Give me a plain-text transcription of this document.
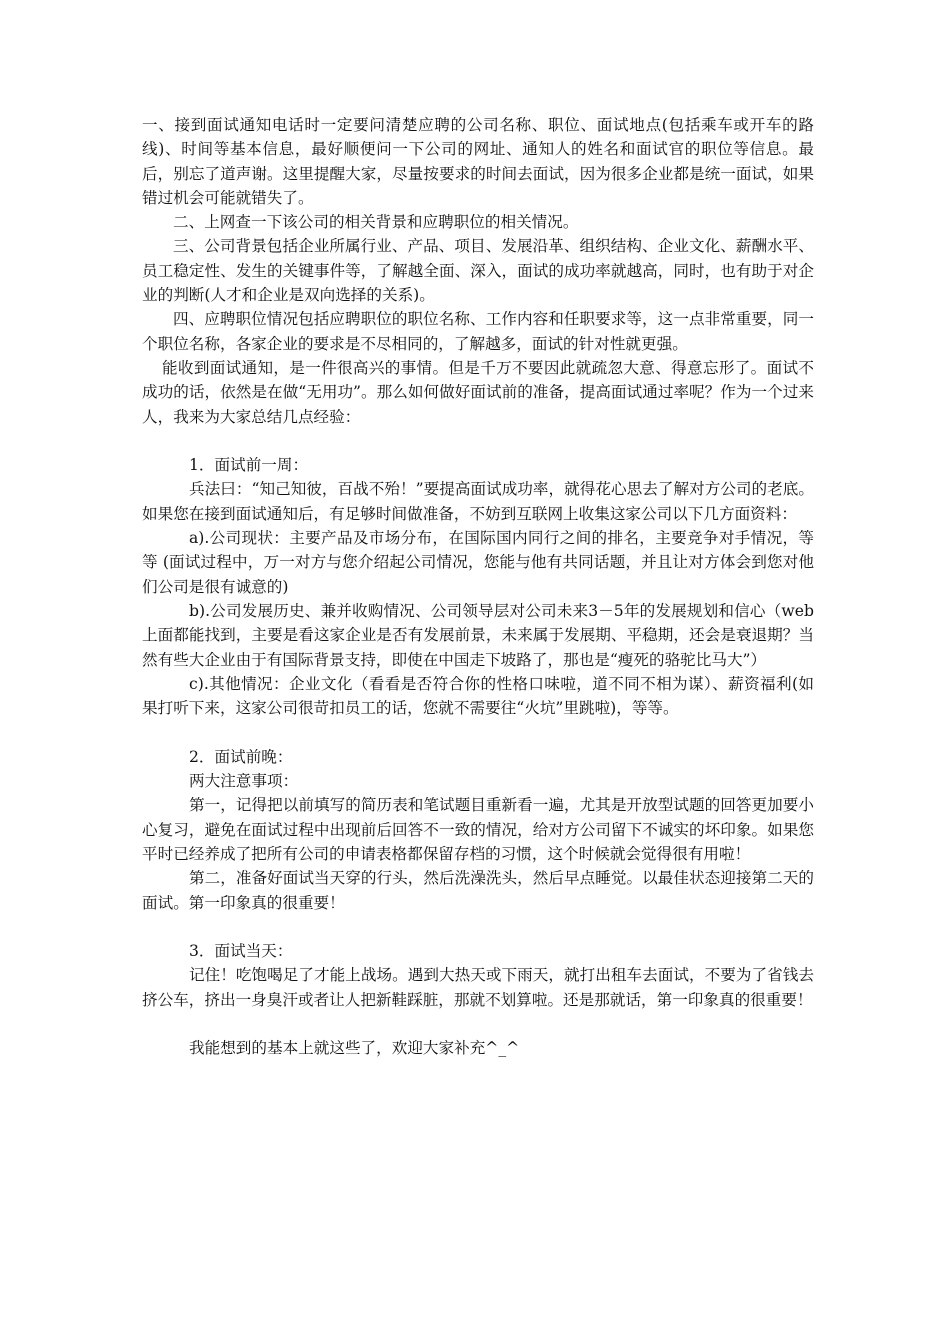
一、接到面试通知电话时一定要问清楚应聘的公司名称、职位、面试地点(包括乘车或开车的路线)、时间等基本信息，最好顺便问一下公司的网址、通知人的姓名和面试官的职位等信息。最后，别忘了道声谢。这里提醒大家，尽量按要求的时间去面试，因为很多企业都是统一面试，如果错过机会可能就错失了。

二、上网查一下该公司的相关背景和应聘职位的相关情况。

三、公司背景包括企业所属行业、产品、项目、发展沿革、组织结构、企业文化、薪酬水平、员工稳定性、发生的关键事件等，了解越全面、深入，面试的成功率就越高，同时，也有助于对企业的判断(人才和企业是双向选择的关系)。

四、应聘职位情况包括应聘职位的职位名称、工作内容和任职要求等，这一点非常重要，同一个职位名称，各家企业的要求是不尽相同的，了解越多，面试的针对性就更强。

能收到面试通知，是一件很高兴的事情。但是千万不要因此就疏忽大意、得意忘形了。面试不成功的话，依然是在做“无用功”。那么如何做好面试前的准备，提高面试通过率呢？作为一个过来人，我来为大家总结几点经验：

1．面试前一周：

兵法曰：“知己知彼，百战不殆！”要提高面试成功率，就得花心思去了解对方公司的老底。如果您在接到面试通知后，有足够时间做准备，不妨到互联网上收集这家公司以下几方面资料：

a).公司现状：主要产品及市场分布，在国际国内同行之间的排名，主要竞争对手情况，等等 (面试过程中，万一对方与您介绍起公司情况，您能与他有共同话题，并且让对方体会到您对他们公司是很有诚意的)

b).公司发展历史、兼并收购情况、公司领导层对公司未来3－5年的发展规划和信心（web上面都能找到，主要是看这家企业是否有发展前景，未来属于发展期、平稳期，还会是衰退期？当然有些大企业由于有国际背景支持，即使在中国走下坡路了，那也是“瘦死的骆驼比马大”）

c).其他情况：企业文化（看看是否符合你的性格口味啦，道不同不相为谋）、薪资福利(如果打听下来，这家公司很苛扣员工的话，您就不需要往“火坑”里跳啦)，等等。

2．面试前晚：

两大注意事项：

第一，记得把以前填写的简历表和笔试题目重新看一遍，尤其是开放型试题的回答更加要小心复习，避免在面试过程中出现前后回答不一致的情况，给对方公司留下不诚实的坏印象。如果您平时已经养成了把所有公司的申请表格都保留存档的习惯，这个时候就会觉得很有用啦！

第二，准备好面试当天穿的行头，然后洗澡洗头，然后早点睡觉。以最佳状态迎接第二天的面试。第一印象真的很重要！

3．面试当天：

记住！吃饱喝足了才能上战场。遇到大热天或下雨天，就打出租车去面试，不要为了省钱去挤公车，挤出一身臭汗或者让人把新鞋踩脏，那就不划算啦。还是那就话，第一印象真的很重要！

我能想到的基本上就这些了，欢迎大家补充^_^
